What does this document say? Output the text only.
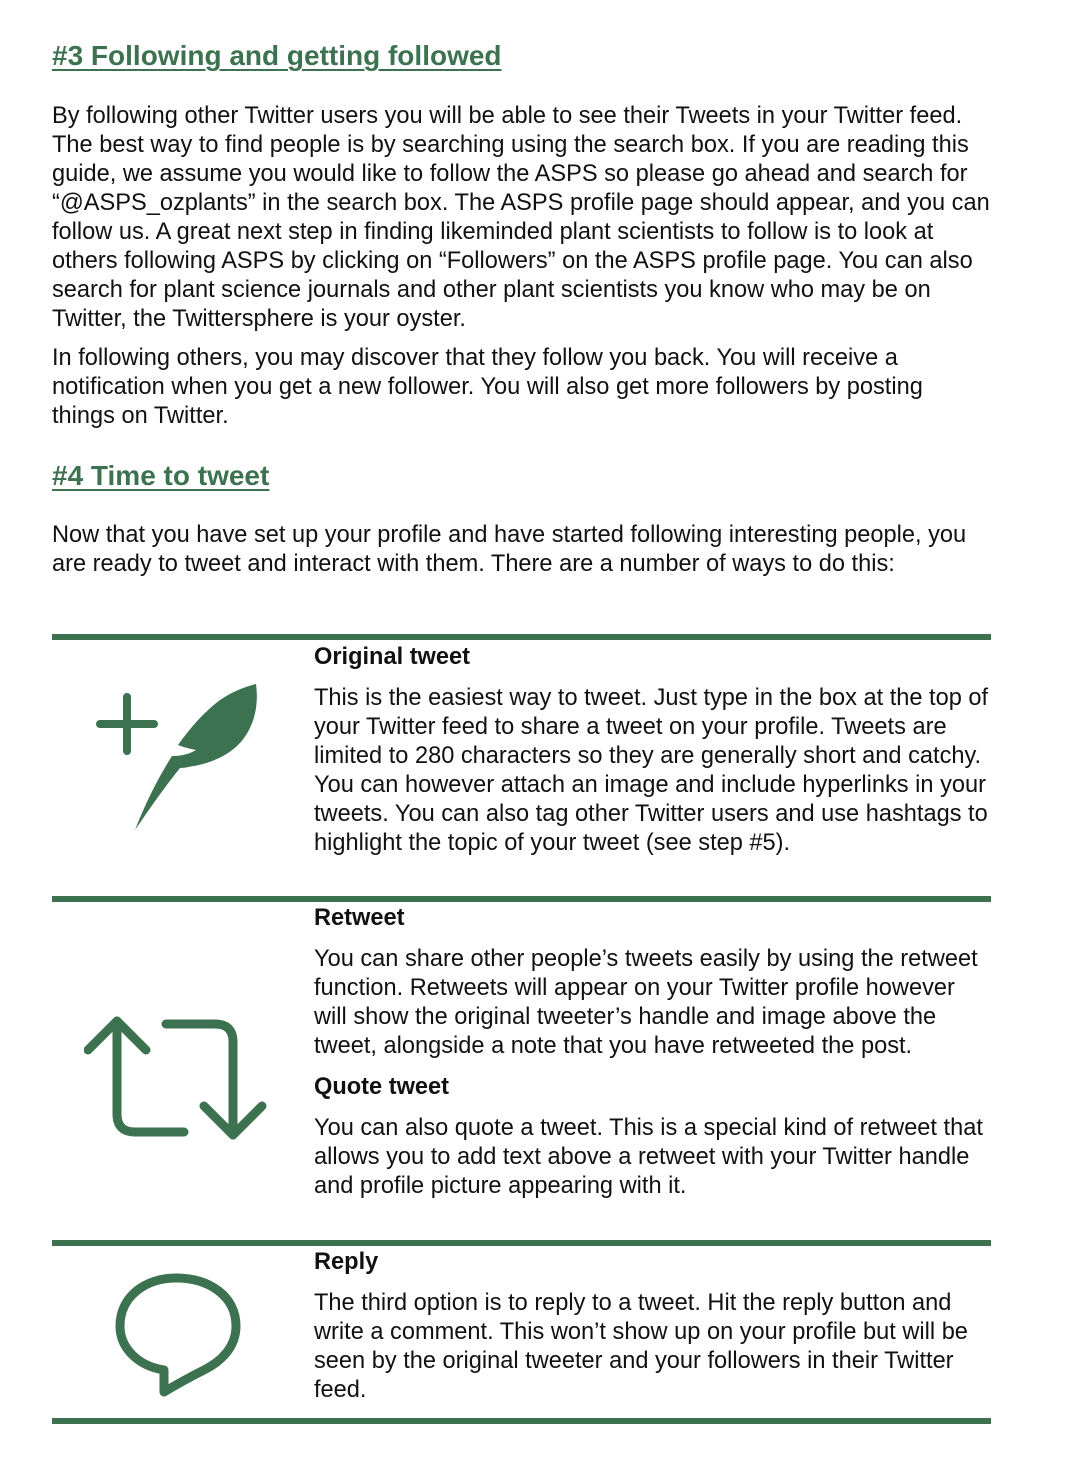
#3 Following and getting followed

By following other Twitter users you will be able to see their Tweets in your Twitter feed. The best way to find people is by searching using the search box. If you are reading this guide, we assume you would like to follow the ASPS so please go ahead and search for “@ASPS_ozplants” in the search box. The ASPS profile page should appear, and you can follow us. A great next step in finding likeminded plant scientists to follow is to look at others following ASPS by clicking on “Followers” on the ASPS profile page. You can also search for plant science journals and other plant scientists you know who may be on Twitter, the Twittersphere is your oyster.

In following others, you may discover that they follow you back. You will receive a notification when you get a new follower. You will also get more followers by posting things on Twitter.

#4 Time to tweet

Now that you have set up your profile and have started following interesting people, you are ready to tweet and interact with them. There are a number of ways to do this:

Original tweet

This is the easiest way to tweet. Just type in the box at the top of your Twitter feed to share a tweet on your profile. Tweets are limited to 280 characters so they are generally short and catchy. You can however attach an image and include hyperlinks in your tweets. You can also tag other Twitter users and use hashtags to highlight the topic of your tweet (see step #5).

Retweet

You can share other people’s tweets easily by using the retweet function. Retweets will appear on your Twitter profile however will show the original tweeter’s handle and image above the tweet, alongside a note that you have retweeted the post.

Quote tweet

You can also quote a tweet. This is a special kind of retweet that allows you to add text above a retweet with your Twitter handle and profile picture appearing with it.

Reply

The third option is to reply to a tweet. Hit the reply button and write a comment. This won’t show up on your profile but will be seen by the original tweeter and your followers in their Twitter feed.
